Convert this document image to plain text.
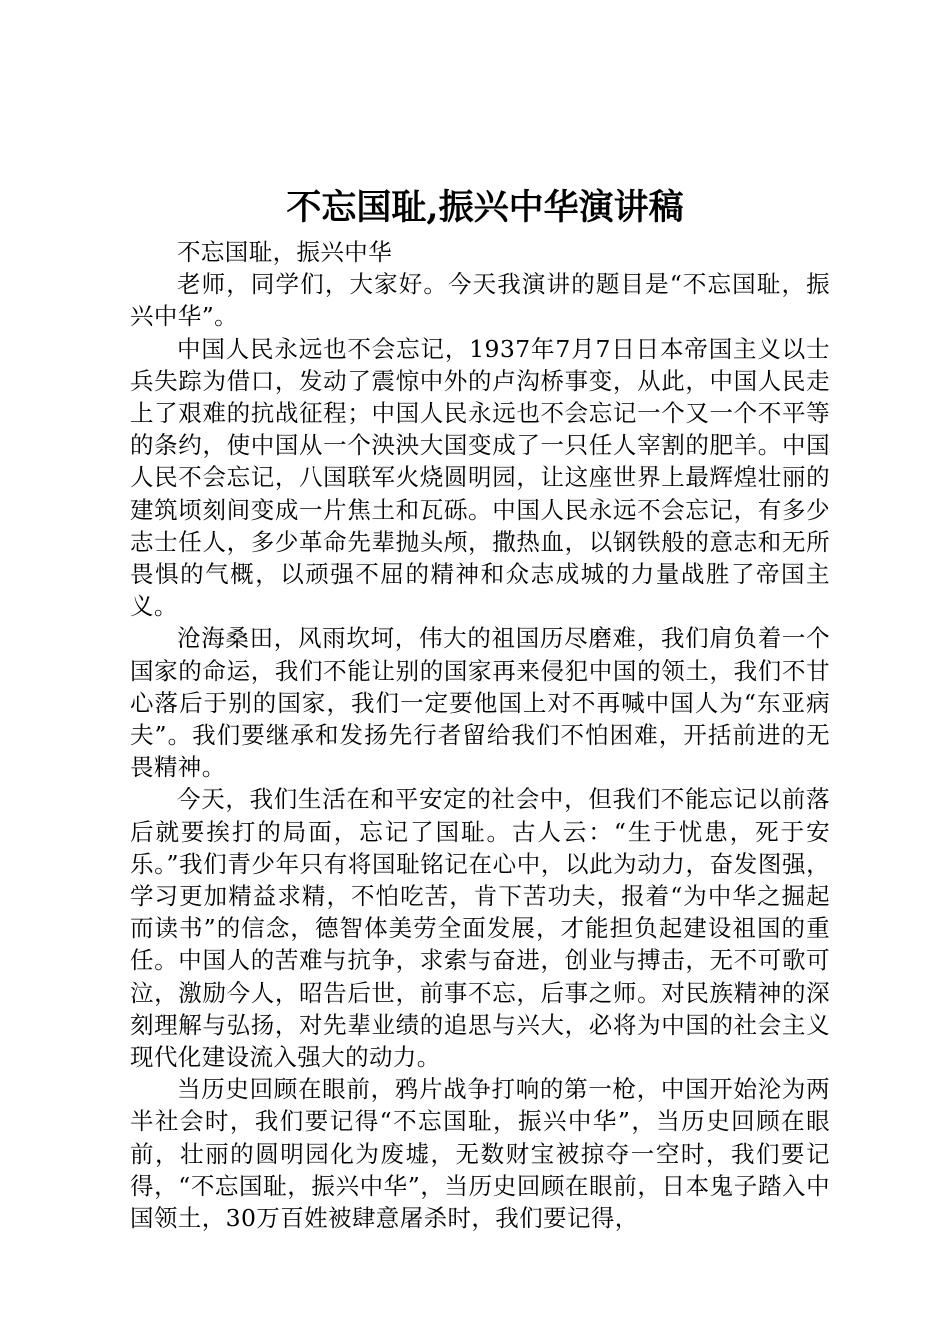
不忘国耻,振兴中华演讲稿

不忘国耻，振兴中华

老师，同学们，大家好。今天我演讲的题目是“不忘国耻，振兴中华”。

中国人民永远也不会忘记，1937年7月7日日本帝国主义以士兵失踪为借口，发动了震惊中外的卢沟桥事变，从此，中国人民走上了艰难的抗战征程；中国人民永远也不会忘记一个又一个不平等的条约，使中国从一个泱泱大国变成了一只任人宰割的肥羊。中国人民不会忘记，八国联军火烧圆明园，让这座世界上最辉煌壮丽的建筑顷刻间变成一片焦土和瓦砾。中国人民永远不会忘记，有多少志士任人，多少革命先辈抛头颅，撒热血，以钢铁般的意志和无所畏惧的气概，以顽强不屈的精神和众志成城的力量战胜了帝国主义。

沧海桑田，风雨坎坷，伟大的祖国历尽磨难，我们肩负着一个国家的命运，我们不能让别的国家再来侵犯中国的领土，我们不甘心落后于别的国家，我们一定要他国上对不再喊中国人为“东亚病夫”。我们要继承和发扬先行者留给我们不怕困难，开括前进的无畏精神。

今天，我们生活在和平安定的社会中，但我们不能忘记以前落后就要挨打的局面，忘记了国耻。古人云：“生于忧患，死于安乐。”我们青少年只有将国耻铭记在心中，以此为动力，奋发图强，学习更加精益求精，不怕吃苦，肯下苦功夫，报着“为中华之掘起而读书”的信念，德智体美劳全面发展，才能担负起建设祖国的重任。中国人的苦难与抗争，求索与奋进，创业与搏击，无不可歌可泣，激励今人，昭告后世，前事不忘，后事之师。对民族精神的深刻理解与弘扬，对先辈业绩的追思与兴大，必将为中国的社会主义现代化建设流入强大的动力。

当历史回顾在眼前，鸦片战争打响的第一枪，中国开始沦为两半社会时，我们要记得“不忘国耻，振兴中华”，当历史回顾在眼前，壮丽的圆明园化为废墟，无数财宝被掠夺一空时，我们要记得，“不忘国耻，振兴中华”，当历史回顾在眼前，日本鬼子踏入中国领土，30万百姓被肆意屠杀时，我们要记得，
